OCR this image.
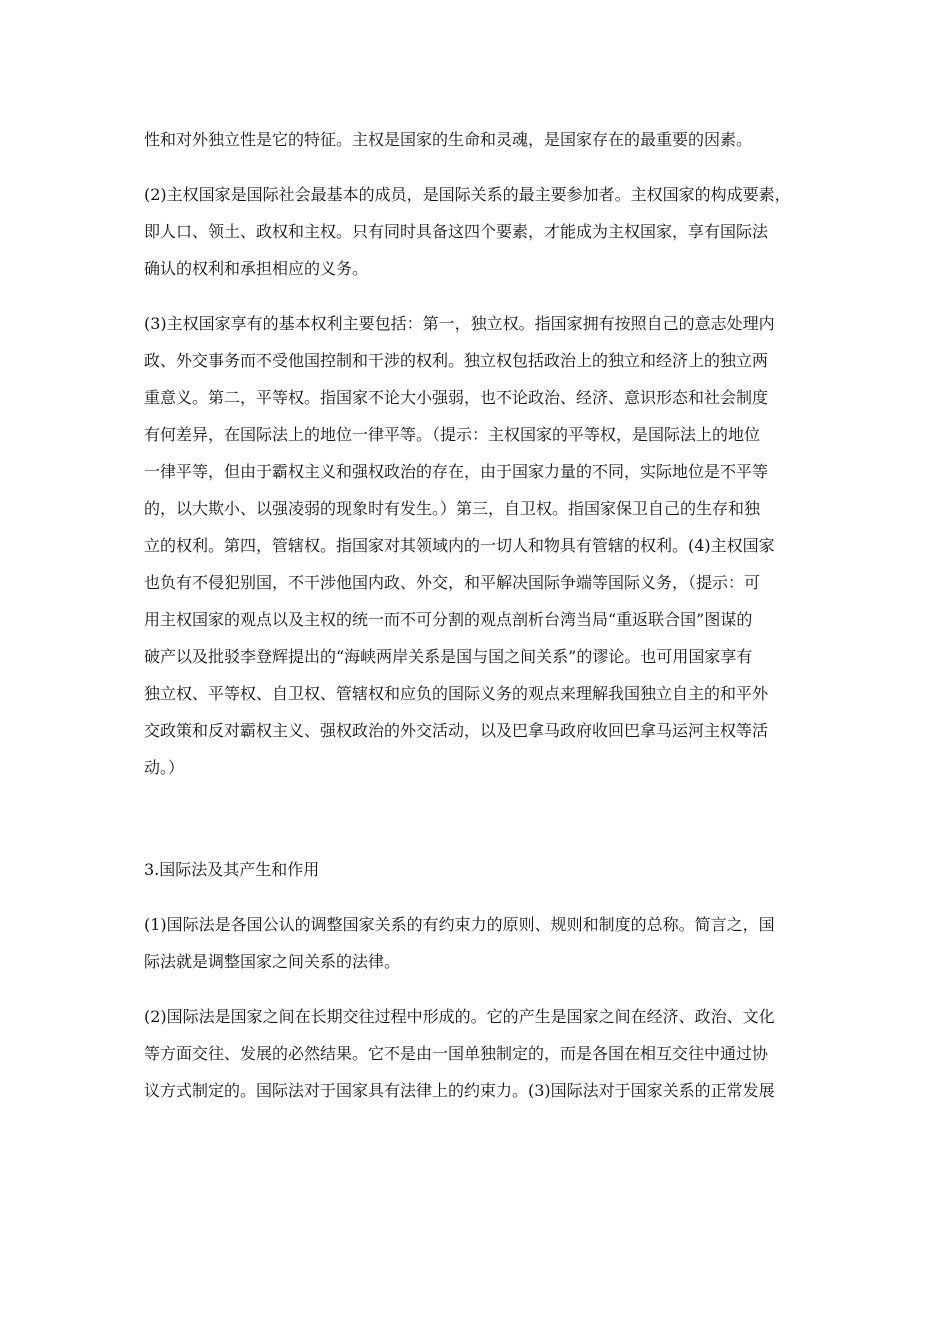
性和对外独立性是它的特征。主权是国家的生命和灵魂，是国家存在的最重要的因素。

(2)主权国家是国际社会最基本的成员，是国际关系的最主要参加者。主权国家的构成要素，
即人口、领土、政权和主权。只有同时具备这四个要素，才能成为主权国家，享有国际法
确认的权利和承担相应的义务。

(3)主权国家享有的基本权利主要包括：第一，独立权。指国家拥有按照自己的意志处理内
政、外交事务而不受他国控制和干涉的权利。独立权包括政治上的独立和经济上的独立两
重意义。第二，平等权。指国家不论大小强弱，也不论政治、经济、意识形态和社会制度
有何差异，在国际法上的地位一律平等。（提示：主权国家的平等权，是国际法上的地位
一律平等，但由于霸权主义和强权政治的存在，由于国家力量的不同，实际地位是不平等
的，以大欺小、以强凌弱的现象时有发生。）第三，自卫权。指国家保卫自己的生存和独
立的权利。第四，管辖权。指国家对其领域内的一切人和物具有管辖的权利。(4)主权国家
也负有不侵犯别国，不干涉他国内政、外交，和平解决国际争端等国际义务，（提示：可
用主权国家的观点以及主权的统一而不可分割的观点剖析台湾当局“重返联合国”图谋的
破产以及批驳李登辉提出的“海峡两岸关系是国与国之间关系”的谬论。也可用国家享有
独立权、平等权、自卫权、管辖权和应负的国际义务的观点来理解我国独立自主的和平外
交政策和反对霸权主义、强权政治的外交活动，以及巴拿马政府收回巴拿马运河主权等活
动。）

3.国际法及其产生和作用

(1)国际法是各国公认的调整国家关系的有约束力的原则、规则和制度的总称。简言之，国
际法就是调整国家之间关系的法律。

(2)国际法是国家之间在长期交往过程中形成的。它的产生是国家之间在经济、政治、文化
等方面交往、发展的必然结果。它不是由一国单独制定的，而是各国在相互交往中通过协
议方式制定的。国际法对于国家具有法律上的约束力。(3)国际法对于国家关系的正常发展
